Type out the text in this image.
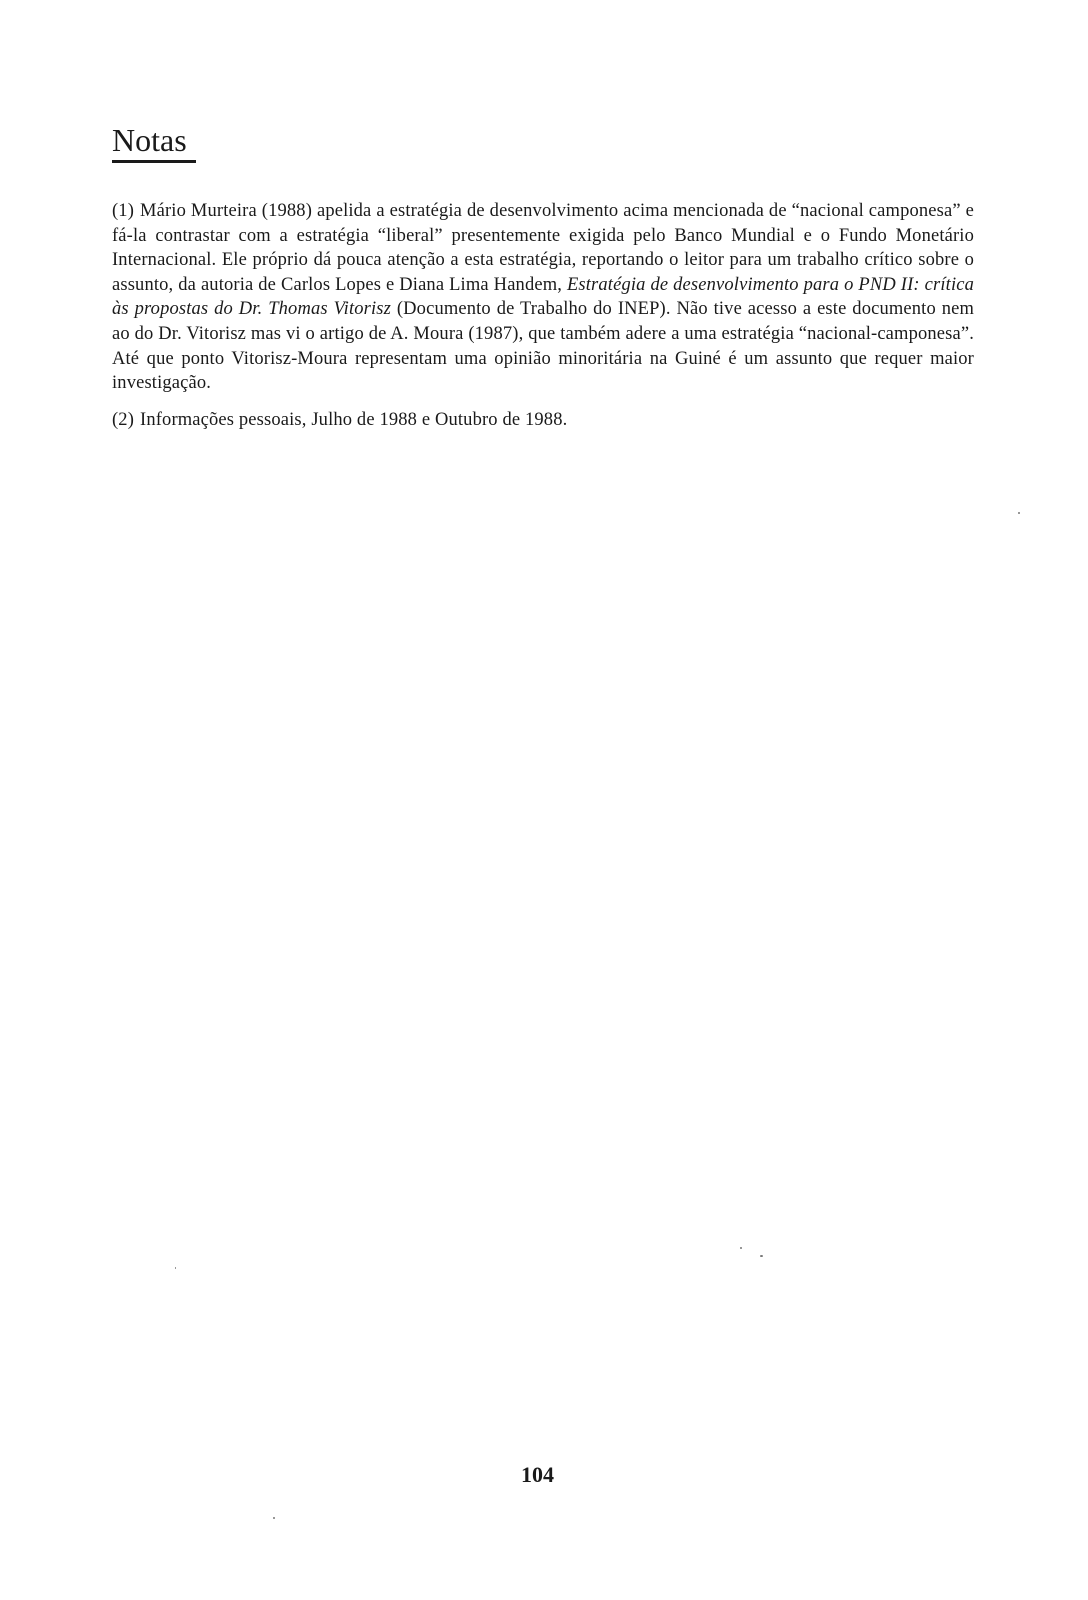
Notas

(1) Mário Murteira (1988) apelida a estratégia de desenvolvimento acima mencionada de “nacional camponesa” e fá-la contrastar com a estratégia “liberal” presentemente exigida pelo Banco Mundial e o Fundo Monetário Internacional. Ele próprio dá pouca atenção a esta estratégia, reportando o leitor para um trabalho crítico sobre o assunto, da autoria de Carlos Lopes e Diana Lima Handem, Estratégia de desenvolvimento para o PND II: crítica às propostas do Dr. Thomas Vitorisz (Documento de Trabalho do INEP). Não tive acesso a este documento nem ao do Dr. Vitorisz mas vi o artigo de A. Moura (1987), que também adere a uma estratégia “nacional-camponesa”. Até que ponto Vitorisz-Moura representam uma opinião minoritária na Guiné é um assunto que requer maior investigação.

(2) Informações pessoais, Julho de 1988 e Outubro de 1988.

104
